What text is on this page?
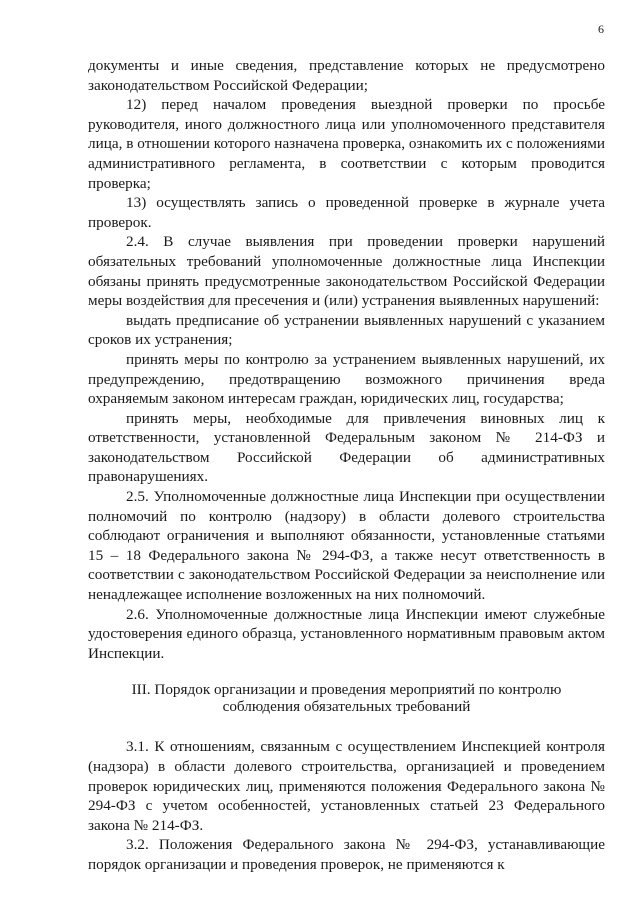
6

документы и иные сведения, представление которых не предусмотрено законодательством Российской Федерации;

12) перед началом проведения выездной проверки по просьбе руководителя, иного должностного лица или уполномоченного представителя лица, в отношении которого назначена проверка, ознакомить их с положениями административного регламента, в соответствии с которым проводится проверка;

13) осуществлять запись о проведенной проверке в журнале учета проверок.

2.4. В случае выявления при проведении проверки нарушений обязательных требований уполномоченные должностные лица Инспекции обязаны принять предусмотренные законодательством Российской Федерации меры воздействия для пресечения и (или) устранения выявленных нарушений:

выдать предписание об устранении выявленных нарушений с указанием сроков их устранения;

принять меры по контролю за устранением выявленных нарушений, их предупреждению, предотвращению возможного причинения вреда охраняемым законом интересам граждан, юридических лиц, государства;

принять меры, необходимые для привлечения виновных лиц к ответственности, установленной Федеральным законом № 214-ФЗ и законодательством Российской Федерации об административных правонарушениях.

2.5. Уполномоченные должностные лица Инспекции при осуществлении полномочий по контролю (надзору) в области долевого строительства соблюдают ограничения и выполняют обязанности, установленные статьями 15 – 18 Федерального закона № 294-ФЗ, а также несут ответственность в соответствии с законодательством Российской Федерации за неисполнение или ненадлежащее исполнение возложенных на них полномочий.

2.6. Уполномоченные должностные лица Инспекции имеют служебные удостоверения единого образца, установленного нормативным правовым актом Инспекции.

III. Порядок организации и проведения мероприятий по контролю соблюдения обязательных требований

3.1. К отношениям, связанным с осуществлением Инспекцией контроля (надзора) в области долевого строительства, организацией и проведением проверок юридических лиц, применяются положения Федерального закона № 294-ФЗ с учетом особенностей, установленных статьей 23 Федерального закона № 214-ФЗ.

3.2. Положения Федерального закона № 294-ФЗ, устанавливающие порядок организации и проведения проверок, не применяются к
